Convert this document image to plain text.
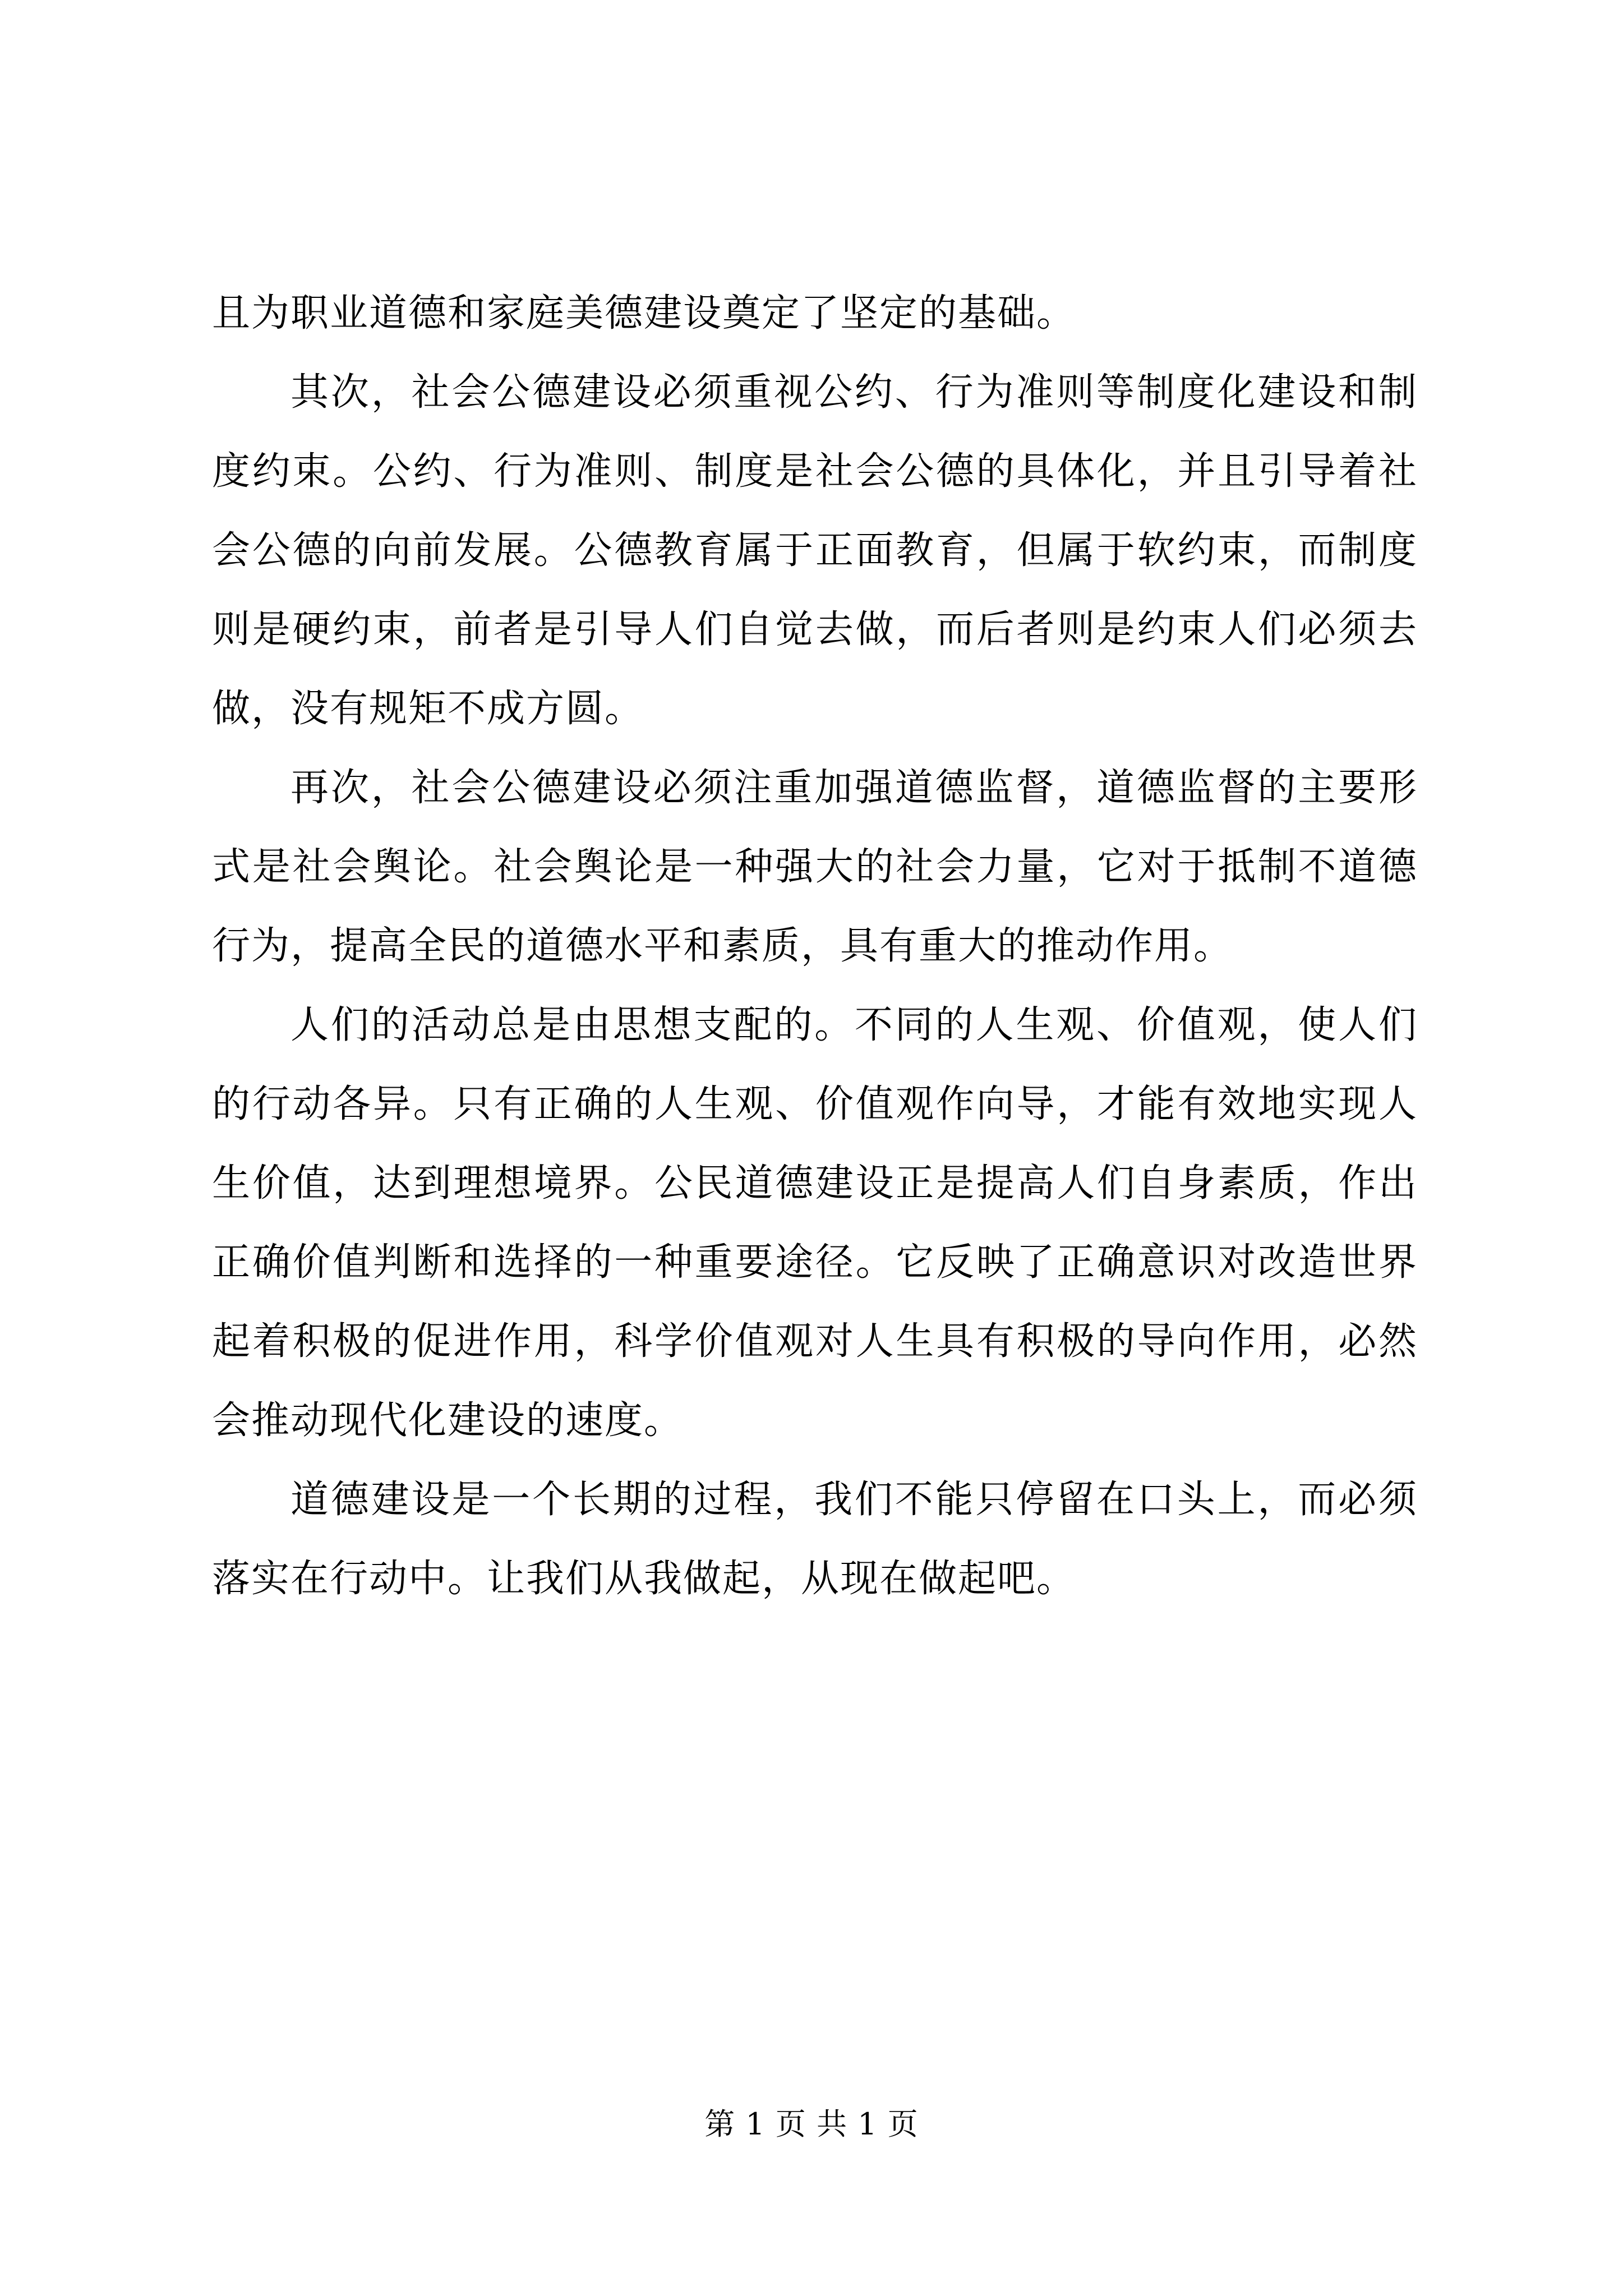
且为职业道德和家庭美德建设奠定了坚定的基础。

其次，社会公德建设必须重视公约、行为准则等制度化建设和制度约束。公约、行为准则、制度是社会公德的具体化，并且引导着社会公德的向前发展。公德教育属于正面教育，但属于软约束，而制度则是硬约束，前者是引导人们自觉去做，而后者则是约束人们必须去做，没有规矩不成方圆。

再次，社会公德建设必须注重加强道德监督，道德监督的主要形式是社会舆论。社会舆论是一种强大的社会力量，它对于抵制不道德行为，提高全民的道德水平和素质，具有重大的推动作用。

人们的活动总是由思想支配的。不同的人生观、价值观，使人们的行动各异。只有正确的人生观、价值观作向导，才能有效地实现人生价值，达到理想境界。公民道德建设正是提高人们自身素质，作出正确价值判断和选择的一种重要途径。它反映了正确意识对改造世界起着积极的促进作用，科学价值观对人生具有积极的导向作用，必然会推动现代化建设的速度。

道德建设是一个长期的过程，我们不能只停留在口头上，而必须落实在行动中。让我们从我做起，从现在做起吧。

第 1 页 共 1 页
